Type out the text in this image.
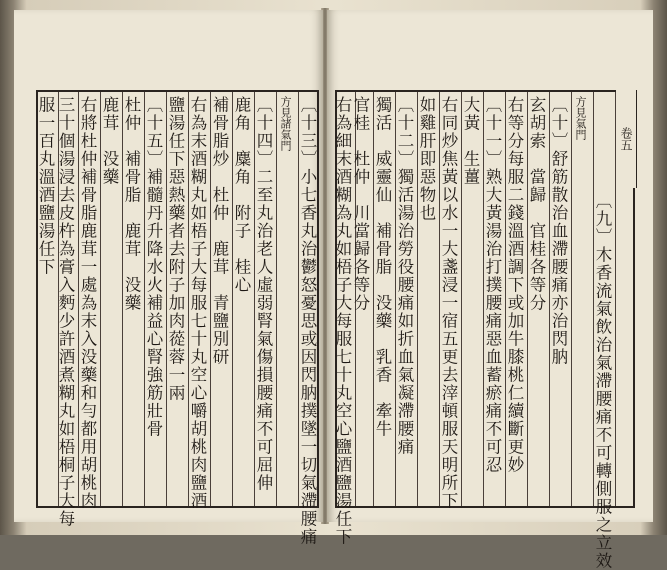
〔十三〕小七香丸治鬱怒憂思或因閃肭撲墜一切氣滯腰痛
方見諸氣門
〔十四〕二至丸治老人虛弱腎氣傷損腰痛不可屈伸
鹿角　麋角　附子　桂心
補骨脂炒　杜仲　鹿茸　青鹽別研
右為末酒糊丸如梧子大每服七十丸空心嚼胡桃肉鹽酒
鹽湯任下惡熱藥者去附子加肉蓯蓉一兩
〔十五〕補髓丹升降水火補益心腎強筋壯骨
杜仲　補骨脂　鹿茸　没藥
鹿茸　没藥
右將杜仲補骨脂鹿茸一處為末入没藥和勻都用胡桃肉
三十個湯浸去皮杵為膏入麪少許酒煮糊丸如梧桐子大每
服一百丸溫酒鹽湯任下	卷五
〔九〕木香流氣飲治氣滯腰痛不可轉側服之立效
方見氣門
〔十〕舒筋散治血滯腰痛亦治閃肭
玄胡索　當歸　官桂各等分
右等分每服二錢溫酒調下或加牛膝桃仁續斷更妙
〔十一〕熟大黃湯治打撲腰痛惡血蓄瘀痛不可忍
大黃　生薑
右同炒焦黃以水一大盞浸一宿五更去滓頓服天明所下
如雞肝即惡物也
〔十二〕獨活湯治勞役腰痛如折血氣凝滯腰痛
獨活　威靈仙　補骨脂　没藥　乳香　牽牛
官桂　杜仲　川當歸各等分
右為細末酒糊為丸如梧子大每服七十丸空心鹽酒鹽湯任下
